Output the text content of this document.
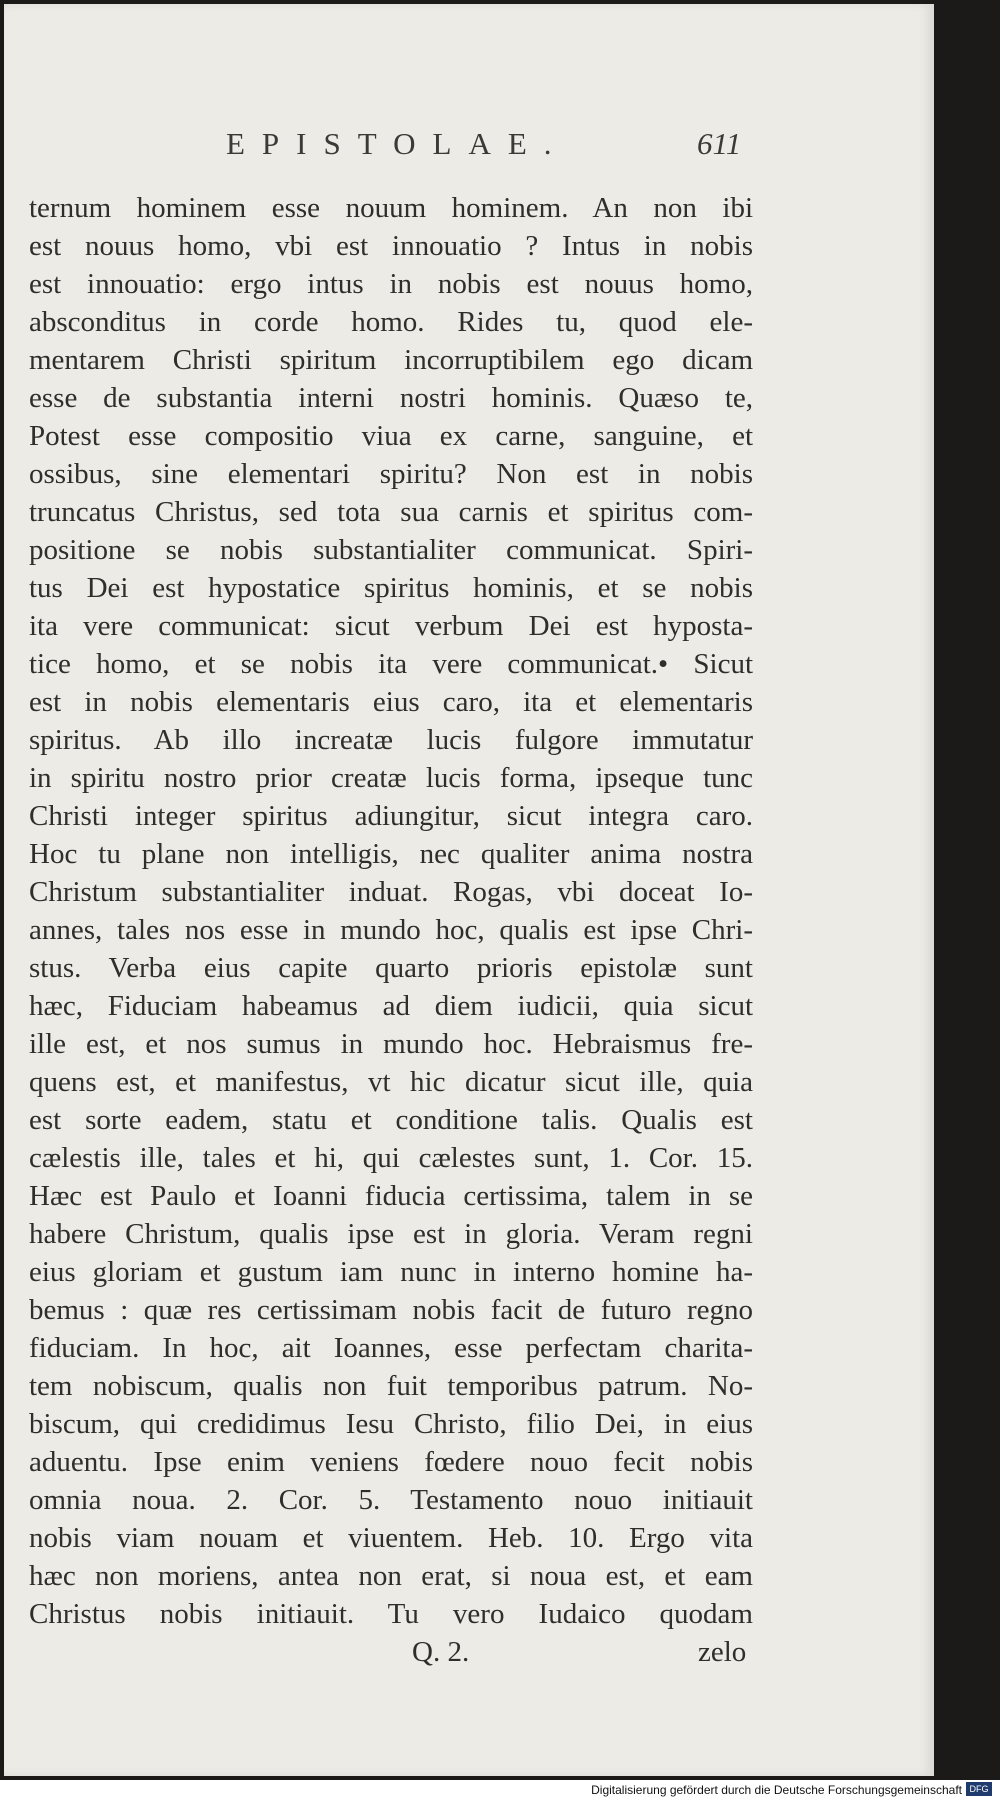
EPISTOLAE.	611
ternum hominem esse nouum hominem. An non ibi
est nouus homo, vbi est innouatio ? Intus in nobis
est innouatio: ergo intus in nobis est nouus homo,
absconditus in corde homo. Rides tu, quod ele-
mentarem Christi spiritum incorruptibilem ego dicam
esse de substantia interni nostri hominis. Quæso te,
Potest esse compositio viua ex carne, sanguine, et
ossibus, sine elementari spiritu? Non est in nobis
truncatus Christus, sed tota sua carnis et spiritus com-
positione se nobis substantialiter communicat. Spiri-
tus Dei est hypostatice spiritus hominis, et se nobis
ita vere communicat: sicut verbum Dei est hyposta-
tice homo, et se nobis ita vere communicat.• Sicut
est in nobis elementaris eius caro, ita et elementaris
spiritus. Ab illo increatæ lucis fulgore immutatur
in spiritu nostro prior creatæ lucis forma, ipseque tunc
Christi integer spiritus adiungitur, sicut integra caro.
Hoc tu plane non intelligis, nec qualiter anima nostra
Christum substantialiter induat. Rogas, vbi doceat Io-
annes, tales nos esse in mundo hoc, qualis est ipse Chri-
stus. Verba eius capite quarto prioris epistolæ sunt
hæc, Fiduciam habeamus ad diem iudicii, quia sicut
ille est, et nos sumus in mundo hoc. Hebraismus fre-
quens est, et manifestus, vt hic dicatur sicut ille, quia
est sorte eadem, statu et conditione talis. Qualis est
cælestis ille, tales et hi, qui cælestes sunt, 1. Cor. 15.
Hæc est Paulo et Ioanni fiducia certissima, talem in se
habere Christum, qualis ipse est in gloria. Veram regni
eius gloriam et gustum iam nunc in interno homine ha-
bemus : quæ res certissimam nobis facit de futuro regno
fiduciam. In hoc, ait Ioannes, esse perfectam charita-
tem nobiscum, qualis non fuit temporibus patrum. No-
biscum, qui credidimus Iesu Christo, filio Dei, in eius
aduentu. Ipse enim veniens fœdere nouo fecit nobis
omnia noua. 2. Cor. 5. Testamento nouo initiauit
nobis viam nouam et viuentem. Heb. 10. Ergo vita
hæc non moriens, antea non erat, si noua est, et eam
Christus nobis initiauit. Tu vero Iudaico quodam
Q. 2.	zelo
Digitalisierung gefördert durch die Deutsche Forschungsgemeinschaft DFG
